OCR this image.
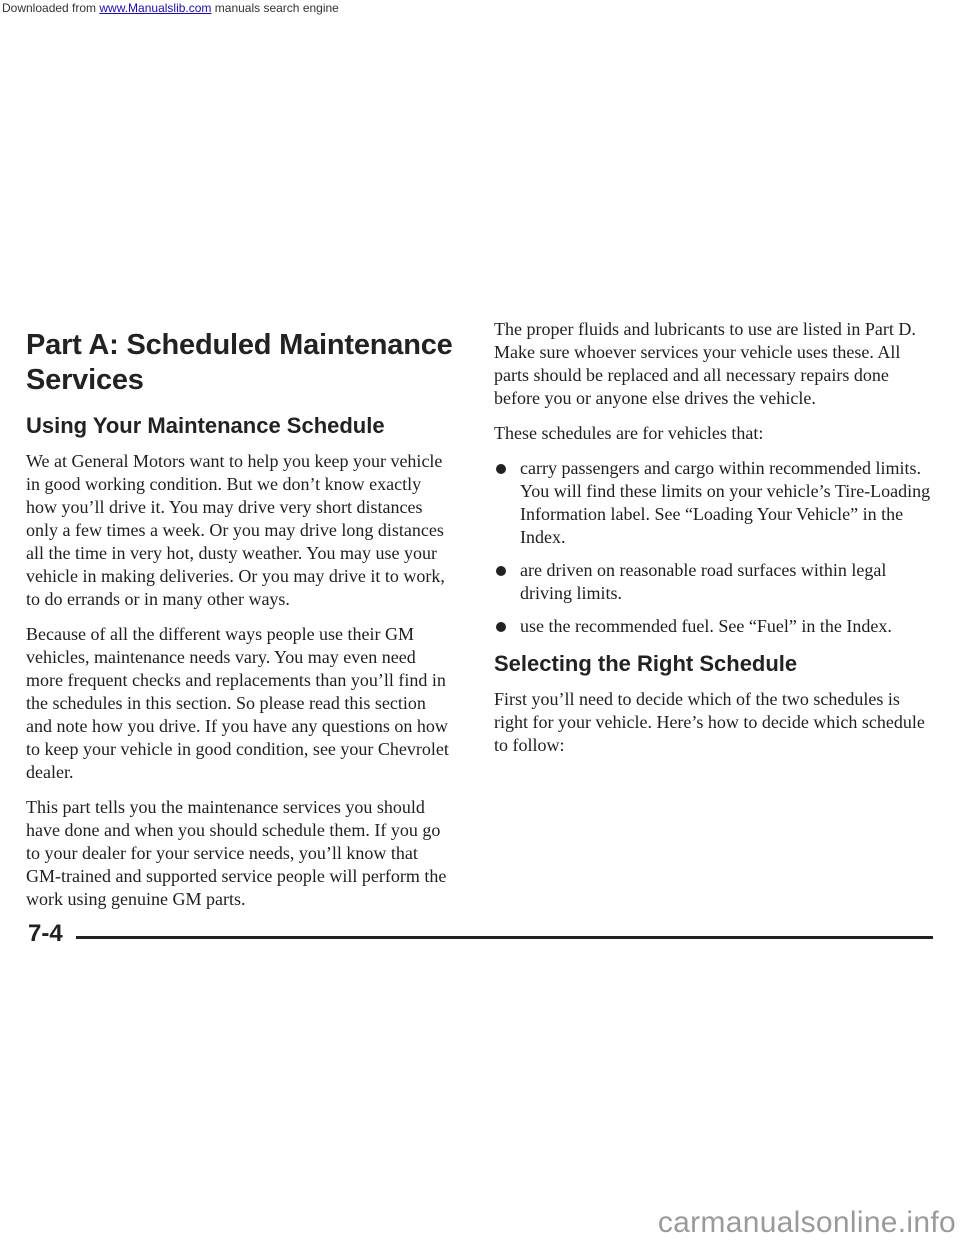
Downloaded from www.Manualslib.com manuals search engine
Part A: Scheduled Maintenance
Services
Using Your Maintenance Schedule

We at General Motors want to help you keep your vehicle in good working condition. But we don’t know exactly how you’ll drive it. You may drive very short distances only a few times a week. Or you may drive long distances all the time in very hot, dusty weather. You may use your vehicle in making deliveries. Or you may drive it to work, to do errands or in many other ways.

Because of all the different ways people use their GM vehicles, maintenance needs vary. You may even need more frequent checks and replacements than you’ll find in the schedules in this section. So please read this section and note how you drive. If you have any questions on how to keep your vehicle in good condition, see your Chevrolet dealer.

This part tells you the maintenance services you should have done and when you should schedule them. If you go to your dealer for your service needs, you’ll know that GM-trained and supported service people will perform the work using genuine GM parts.

The proper fluids and lubricants to use are listed in Part D. Make sure whoever services your vehicle uses these. All parts should be replaced and all necessary repairs done before you or anyone else drives the vehicle.

These schedules are for vehicles that:

carry passengers and cargo within recommended limits. You will find these limits on your vehicle’s Tire-Loading Information label. See “Loading Your Vehicle” in the Index.
are driven on reasonable road surfaces within legal driving limits.
use the recommended fuel. See “Fuel” in the Index.
Selecting the Right Schedule

First you’ll need to decide which of the two schedules is right for your vehicle. Here’s how to decide which schedule to follow:

7-4
carmanualsonline.info
